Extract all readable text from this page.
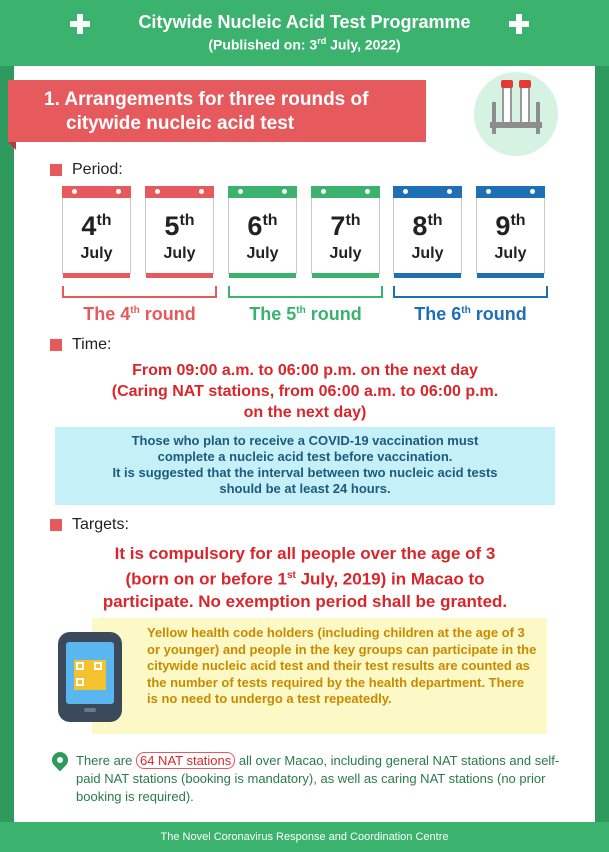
Citywide Nucleic Acid Test Programme
(Published on: 3rd July, 2022)
1. Arrangements for three rounds of
citywide nucleic acid test
Period:
4th
July
5th
July
6th
July
7th
July
8th
July
9th
July
The 4th round	The 5th round	The 6th round
Time:
From 09:00 a.m. to 06:00 p.m. on the next day
(Caring NAT stations, from 06:00 a.m. to 06:00 p.m.
on the next day)
Those who plan to receive a COVID-19 vaccination must
complete a nucleic acid test before vaccination.
It is suggested that the interval between two nucleic acid tests
should be at least 24 hours.
Targets:
It is compulsory for all people over the age of 3
(born on or before 1st July, 2019) in Macao to
participate. No exemption period shall be granted.
Yellow health code holders (including children at the age of 3 or younger) and people in the key groups can participate in the citywide nucleic acid test and their test results are counted as the number of tests required by the health department. There is no need to undergo a test repeatedly.
There are 64 NAT stations all over Macao, including general NAT stations and self-paid NAT stations (booking is mandatory), as well as caring NAT stations (no prior booking is required).
The Novel Coronavirus Response and Coordination Centre
